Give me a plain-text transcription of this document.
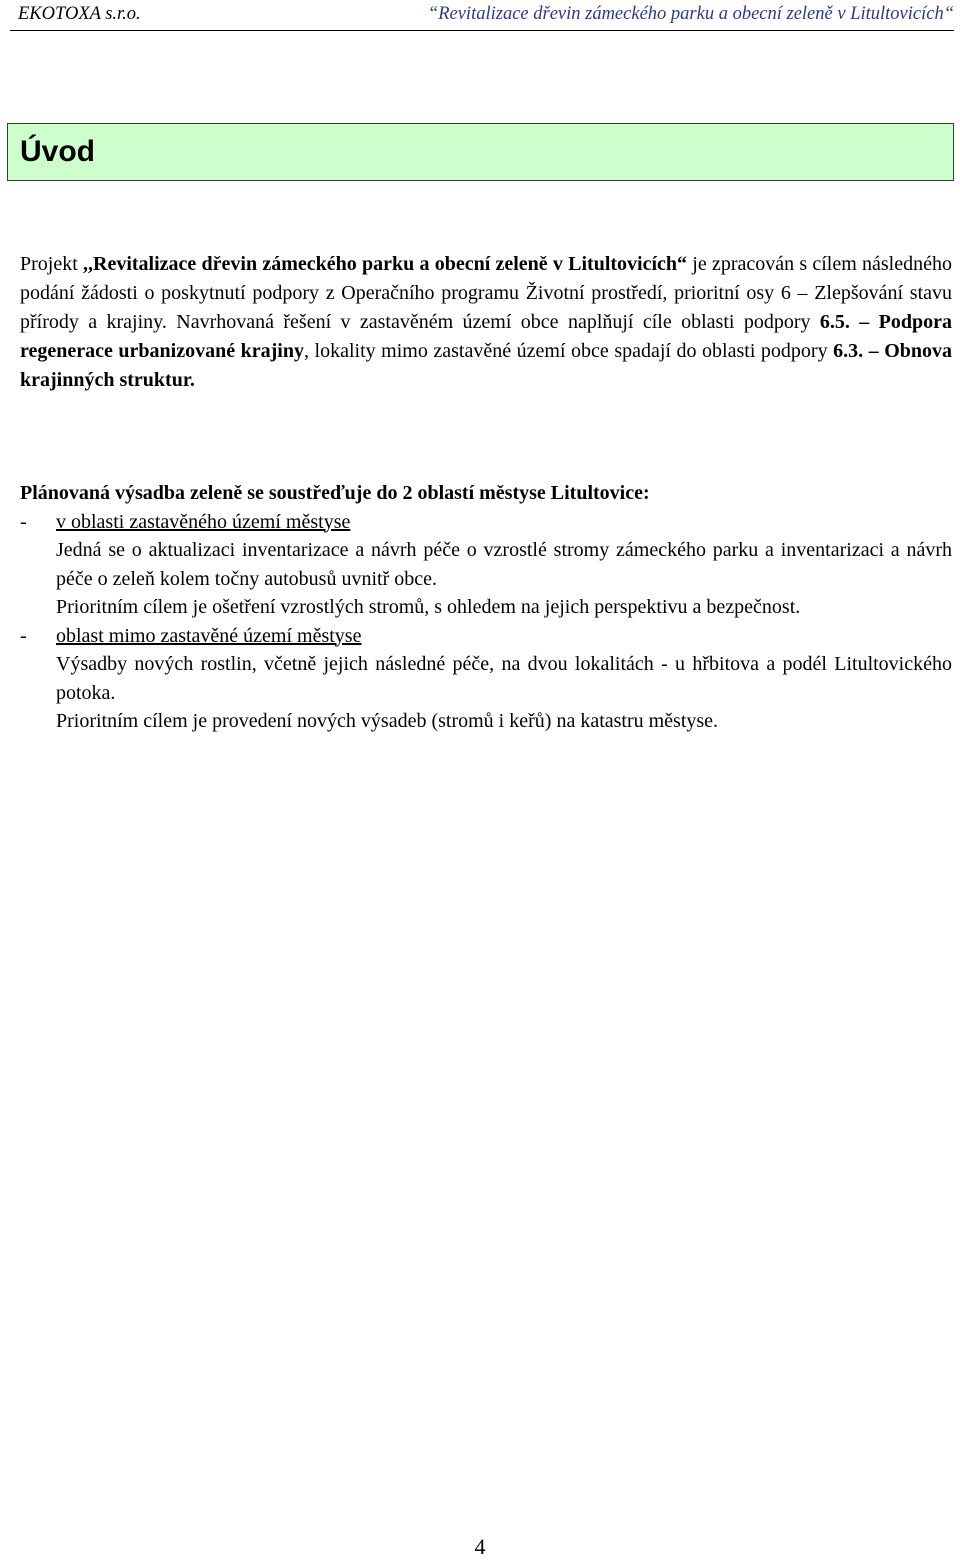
EKOTOXA s.r.o.	“Revitalizace dřevin zámeckého parku a obecní zeleně v Litultovicích“
Úvod

Projekt ,,Revitalizace dřevin zámeckého parku a obecní zeleně v Litultovicích“ je zpracován s cílem následného podání žádosti o poskytnutí podpory z Operačního programu Životní prostředí, prioritní osy 6 – Zlepšování stavu přírody a krajiny. Navrhovaná řešení v zastavěném území obce naplňují cíle oblasti podpory 6.5. – Podpora regenerace urbanizované krajiny, lokality mimo zastavěné území obce spadají do oblasti podpory 6.3. – Obnova krajinných struktur.

Plánovaná výsadba zeleně se soustřeďuje do 2 oblastí městyse Litultovice:

- v oblasti zastavěného území městyse

Jedná se o aktualizaci inventarizace a návrh péče o vzrostlé stromy zámeckého parku a inventarizaci a návrh péče o zeleň kolem točny autobusů uvnitř obce.

Prioritním cílem je ošetření vzrostlých stromů, s ohledem na jejich perspektivu a bezpečnost.

- oblast mimo zastavěné území městyse

Výsadby nových rostlin, včetně jejich následné péče, na dvou lokalitách - u hřbitova a podél Litultovického potoka.

Prioritním cílem je provedení nových výsadeb (stromů i keřů) na katastru městyse.

4
